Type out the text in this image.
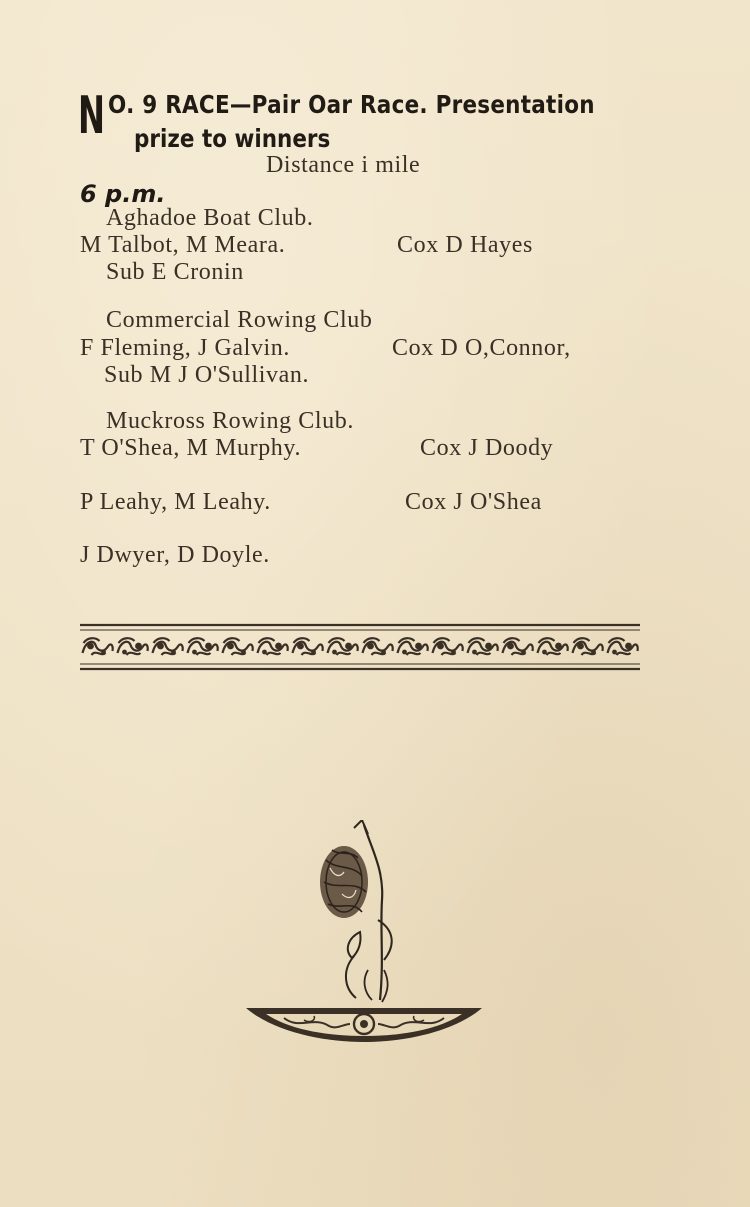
N O. 9 RACE—Pair Oar Race. Presentation
prize to winners
Distance i mile
6 p.m.
Aghadoe Boat Club.
M Talbot, M Meara.	Cox D Hayes
Sub E Cronin
Commercial Rowing Club
F Fleming, J Galvin.	Cox D O,Connor,
Sub M J O'Sullivan.
Muckross Rowing Club.
T O'Shea, M Murphy.	Cox J Doody
P Leahy, M Leahy.	Cox J O'Shea
J Dwyer, D Doyle.
